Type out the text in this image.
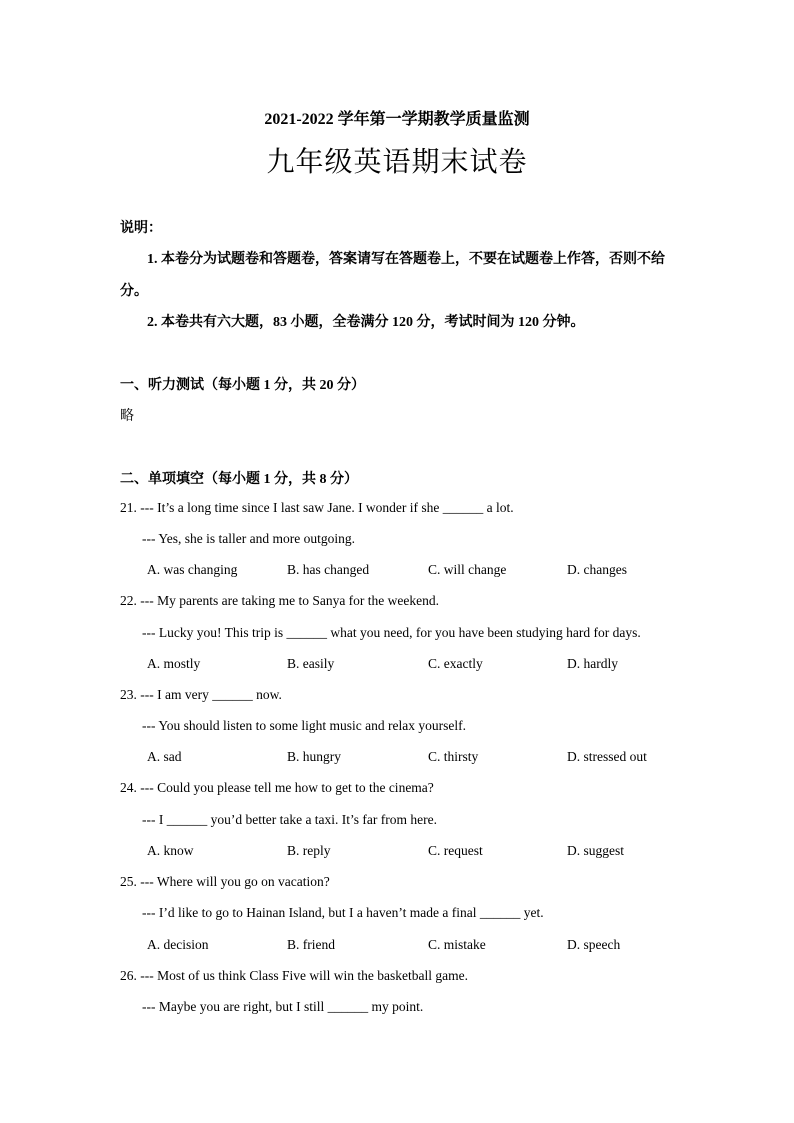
2021-2022 学年第一学期教学质量监测
九年级英语期末试卷
说明：
1. 本卷分为试题卷和答题卷，答案请写在答题卷上，不要在试题卷上作答，否则不给
分。
2. 本卷共有六大题，83 小题，全卷满分 120 分，考试时间为 120 分钟。
一、听力测试（每小题 1 分，共 20 分）
略
二、单项填空（每小题 1 分，共 8 分）
21. --- It’s a long time since I last saw Jane. I wonder if she ______ a lot.
--- Yes, she is taller and more outgoing.
A. was changing	B. has changed	C. will change	D. changes
22. --- My parents are taking me to Sanya for the weekend.
--- Lucky you! This trip is ______ what you need, for you have been studying hard for days.
A. mostly	B. easily	C. exactly	D. hardly
23. --- I am very ______ now.
--- You should listen to some light music and relax yourself.
A. sad	B. hungry	C. thirsty	D. stressed out
24. --- Could you please tell me how to get to the cinema?
--- I ______ you’d better take a taxi. It’s far from here.
A. know	B. reply	C. request	D. suggest
25. --- Where will you go on vacation?
--- I’d like to go to Hainan Island, but I a haven’t made a final ______ yet.
A. decision	B. friend	C. mistake	D. speech
26. --- Most of us think Class Five will win the basketball game.
--- Maybe you are right, but I still ______ my point.
